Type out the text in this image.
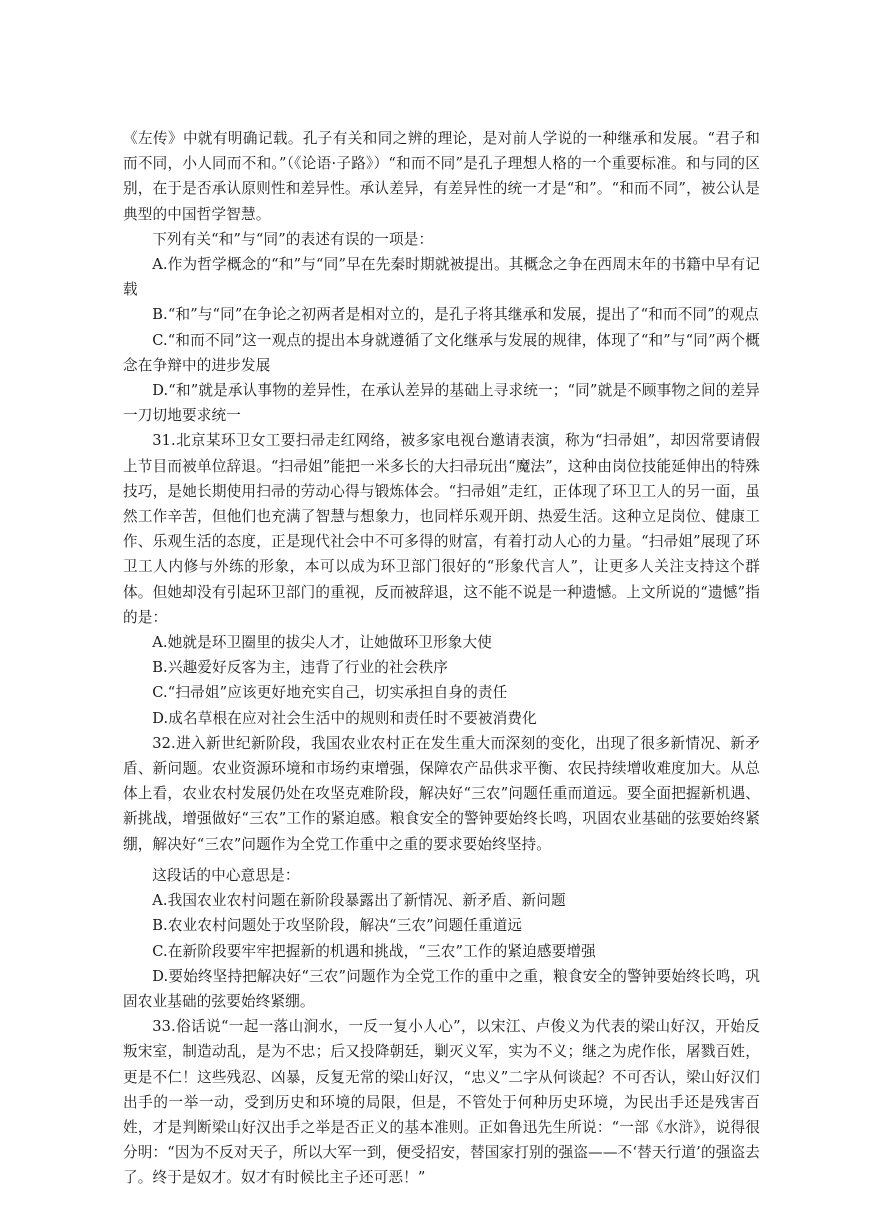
《左传》中就有明确记载。孔子有关和同之辨的理论，是对前人学说的一种继承和发展。“君子和而不同，小人同而不和。”（《论语·子路》）“和而不同”是孔子理想人格的一个重要标准。和与同的区别，在于是否承认原则性和差异性。承认差异，有差异性的统一才是“和”。“和而不同”，被公认是典型的中国哲学智慧。

下列有关“和”与“同”的表述有误的一项是：

A.作为哲学概念的“和”与“同”早在先秦时期就被提出。其概念之争在西周末年的书籍中早有记载

B.“和”与“同”在争论之初两者是相对立的，是孔子将其继承和发展，提出了“和而不同”的观点

C.“和而不同”这一观点的提出本身就遵循了文化继承与发展的规律，体现了“和”与“同”两个概念在争辩中的进步发展

D.“和”就是承认事物的差异性，在承认差异的基础上寻求统一；“同”就是不顾事物之间的差异一刀切地要求统一

31.北京某环卫女工要扫帚走红网络，被多家电视台邀请表演，称为“扫帚姐”，却因常要请假上节目而被单位辞退。“扫帚姐”能把一米多长的大扫帚玩出“魔法”，这种由岗位技能延伸出的特殊技巧，是她长期使用扫帚的劳动心得与锻炼体会。“扫帚姐”走红，正体现了环卫工人的另一面，虽然工作辛苦，但他们也充满了智慧与想象力，也同样乐观开朗、热爱生活。这种立足岗位、健康工作、乐观生活的态度，正是现代社会中不可多得的财富，有着打动人心的力量。“扫帚姐”展现了环卫工人内修与外练的形象，本可以成为环卫部门很好的“形象代言人”，让更多人关注支持这个群体。但她却没有引起环卫部门的重视，反而被辞退，这不能不说是一种遗憾。上文所说的“遗憾”指的是：

A.她就是环卫圈里的拔尖人才，让她做环卫形象大使

B.兴趣爱好反客为主，违背了行业的社会秩序

C.“扫帚姐”应该更好地充实自己，切实承担自身的责任

D.成名草根在应对社会生活中的规则和责任时不要被消费化

32.进入新世纪新阶段，我国农业农村正在发生重大而深刻的变化，出现了很多新情况、新矛盾、新问题。农业资源环境和市场约束增强，保障农产品供求平衡、农民持续增收难度加大。从总体上看，农业农村发展仍处在攻坚克难阶段，解决好“三农”问题任重而道远。要全面把握新机遇、新挑战，增强做好“三农”工作的紧迫感。粮食安全的警钟要始终长鸣，巩固农业基础的弦要始终紧绷，解决好“三农”问题作为全党工作重中之重的要求要始终坚持。

这段话的中心意思是：

A.我国农业农村问题在新阶段暴露出了新情况、新矛盾、新问题

B.农业农村问题处于攻坚阶段，解决“三农”问题任重道远

C.在新阶段要牢牢把握新的机遇和挑战，“三农”工作的紧迫感要增强

D.要始终坚持把解决好“三农”问题作为全党工作的重中之重，粮食安全的警钟要始终长鸣，巩固农业基础的弦要始终紧绷。

33.俗话说“一起一落山涧水，一反一复小人心”，以宋江、卢俊义为代表的梁山好汉，开始反叛宋室，制造动乱，是为不忠；后又投降朝廷，剿灭义军，实为不义；继之为虎作伥，屠戮百姓，更是不仁！这些残忍、凶暴，反复无常的梁山好汉，“忠义”二字从何谈起？不可否认，梁山好汉们出手的一举一动，受到历史和环境的局限，但是，不管处于何种历史环境，为民出手还是残害百姓，才是判断梁山好汉出手之举是否正义的基本准则。正如鲁迅先生所说：“一部《水浒》，说得很分明：“因为不反对天子，所以大军一到，便受招安，替国家打别的强盗——不‘替天行道’的强盗去了。终于是奴才。奴才有时候比主子还可恶！”
